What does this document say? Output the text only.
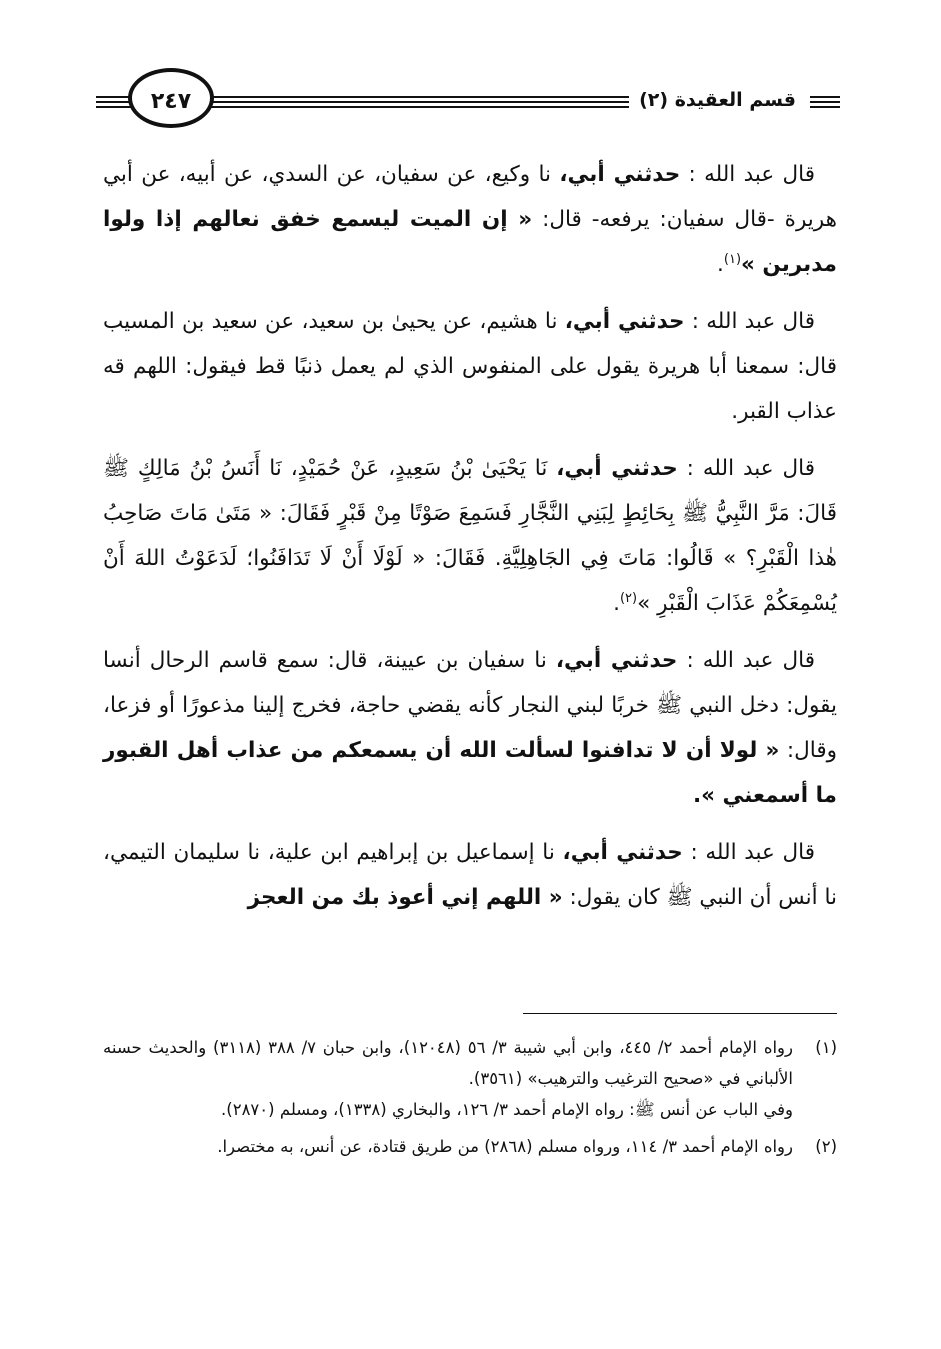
قسم العقيدة (٢)
٢٤٧

قال عبد الله : حدثني أبي، نا وكيع، عن سفيان، عن السدي، عن أبيه، عن أبي هريرة -قال سفيان: يرفعه- قال: « إن الميت ليسمع خفق نعالهم إذا ولوا مدبرين »$^{(١)}$.

قال عبد الله : حدثني أبي، نا هشيم، عن يحيىٰ بن سعيد، عن سعيد بن المسيب قال: سمعنا أبا هريرة يقول على المنفوس الذي لم يعمل ذنبًا قط فيقول: اللهم قه عذاب القبر.

قال عبد الله : حدثني أبي، نَا يَحْيَىٰ بْنُ سَعِيدٍ، عَنْ حُمَيْدٍ، نَا أَنَسُ بْنُ مَالِكٍ ﷺ قَالَ: مَرَّ النَّبِيُّ ﷺ بِحَائِطٍ لِبَنِي النَّجَّارِ فَسَمِعَ صَوْتًا مِنْ قَبْرٍ فَقَالَ: « مَتَىٰ مَاتَ صَاحِبُ هٰذا الْقَبْرِ؟ » قَالُوا: مَاتَ فِي الجَاهِلِيَّةِ. فَقَالَ: « لَوْلَا أَنْ لَا تَدَافَنُوا؛ لَدَعَوْتُ اللهَ أَنْ يُسْمِعَكُمْ عَذَابَ الْقَبْرِ »$^{(٢)}$.

قال عبد الله : حدثني أبي، نا سفيان بن عيينة، قال: سمع قاسم الرحال أنسا يقول: دخل النبي ﷺ خربًا لبني النجار كأنه يقضي حاجة، فخرج إلينا مذعورًا أو فزعا، وقال: « لولا أن لا تدافنوا لسألت الله أن يسمعكم من عذاب أهل القبور ما أسمعني ».

قال عبد الله : حدثني أبي، نا إسماعيل بن إبراهيم ابن علية، نا سليمان التيمي، نا أنس أن النبي ﷺ كان يقول: « اللهم إني أعوذ بك من العجز

(١)

رواه الإمام أحمد ٢/ ٤٤٥، وابن أبي شيبة ٣/ ٥٦ (١٢٠٤٨)، وابن حبان ٧/ ٣٨٨ (٣١١٨) والحديث حسنه الألباني في «صحيح الترغيب والترهيب» (٣٥٦١).

وفي الباب عن أنس ﷺ: رواه الإمام أحمد ٣/ ١٢٦، والبخاري (١٣٣٨)، ومسلم (٢٨٧٠).

(٢)

رواه الإمام أحمد ٣/ ١١٤، ورواه مسلم (٢٨٦٨) من طريق قتادة، عن أنس، به مختصرا.
